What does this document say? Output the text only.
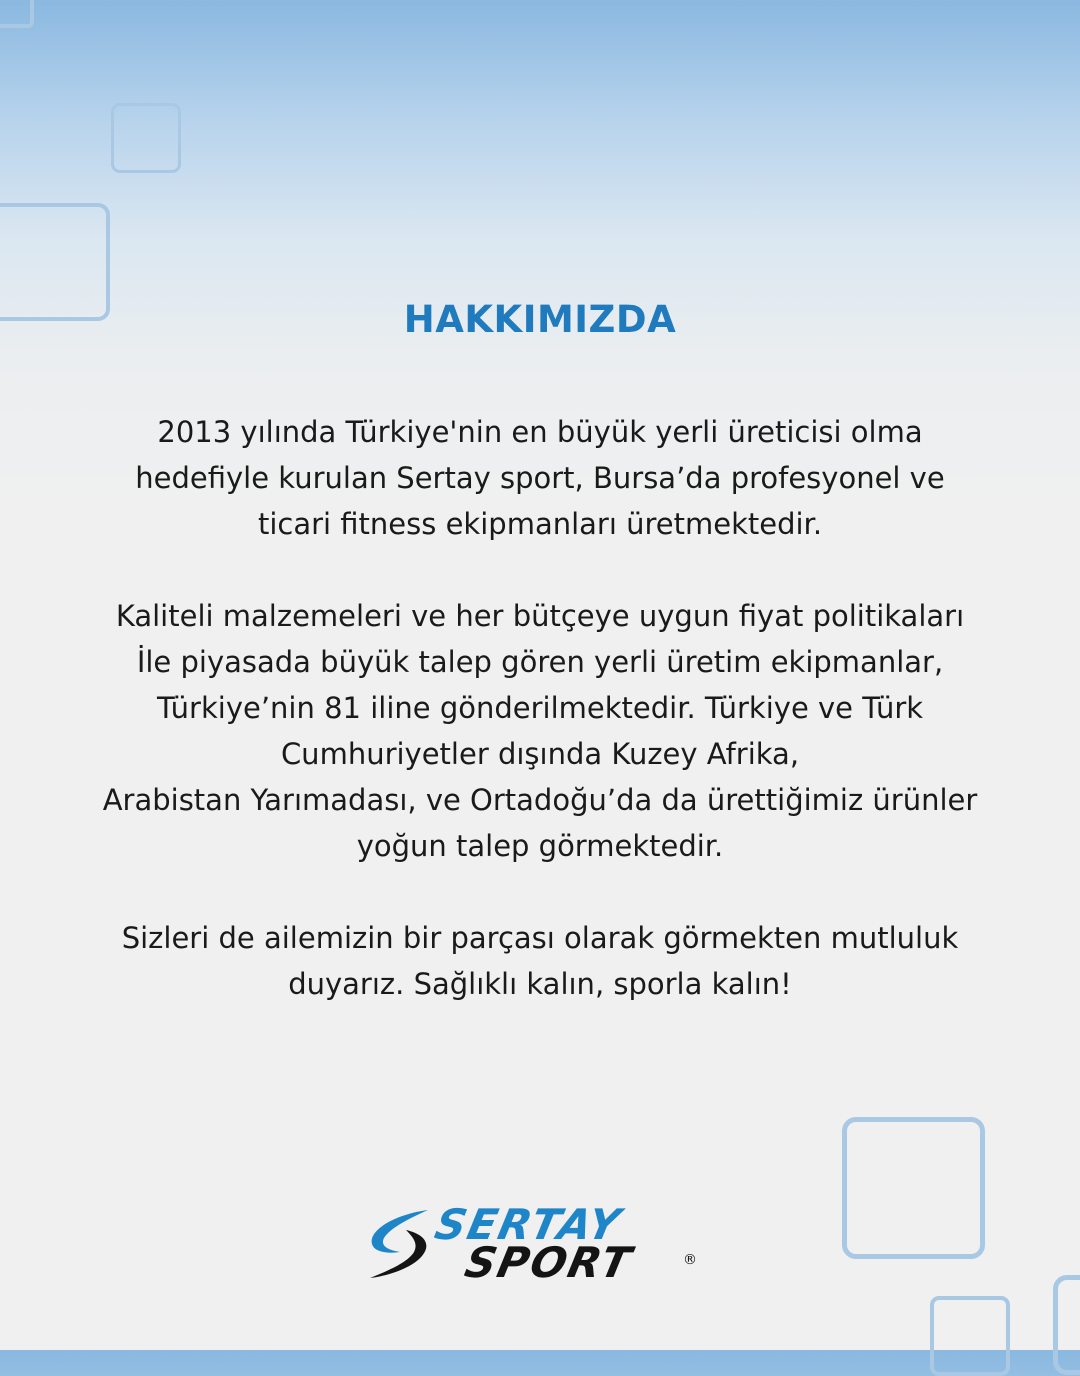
HAKKIMIZDA
2013 yılında Türkiye'nin en büyük yerli üreticisi olma
hedefiyle kurulan Sertay sport, Bursa’da profesyonel ve
ticari fitness ekipmanları üretmektedir.
Kaliteli malzemeleri ve her bütçeye uygun fiyat politikaları
İle piyasada büyük talep gören yerli üretim ekipmanlar,
Türkiye’nin 81 iline gönderilmektedir. Türkiye ve Türk
Cumhuriyetler dışında Kuzey Afrika,
Arabistan Yarımadası, ve Ortadoğu’da da ürettiğimiz ürünler
yoğun talep görmektedir.
Sizleri de ailemizin bir parçası olarak görmekten mutluluk
duyarız. Sağlıklı kalın, sporla kalın!
SERTAY
SPORT	®
